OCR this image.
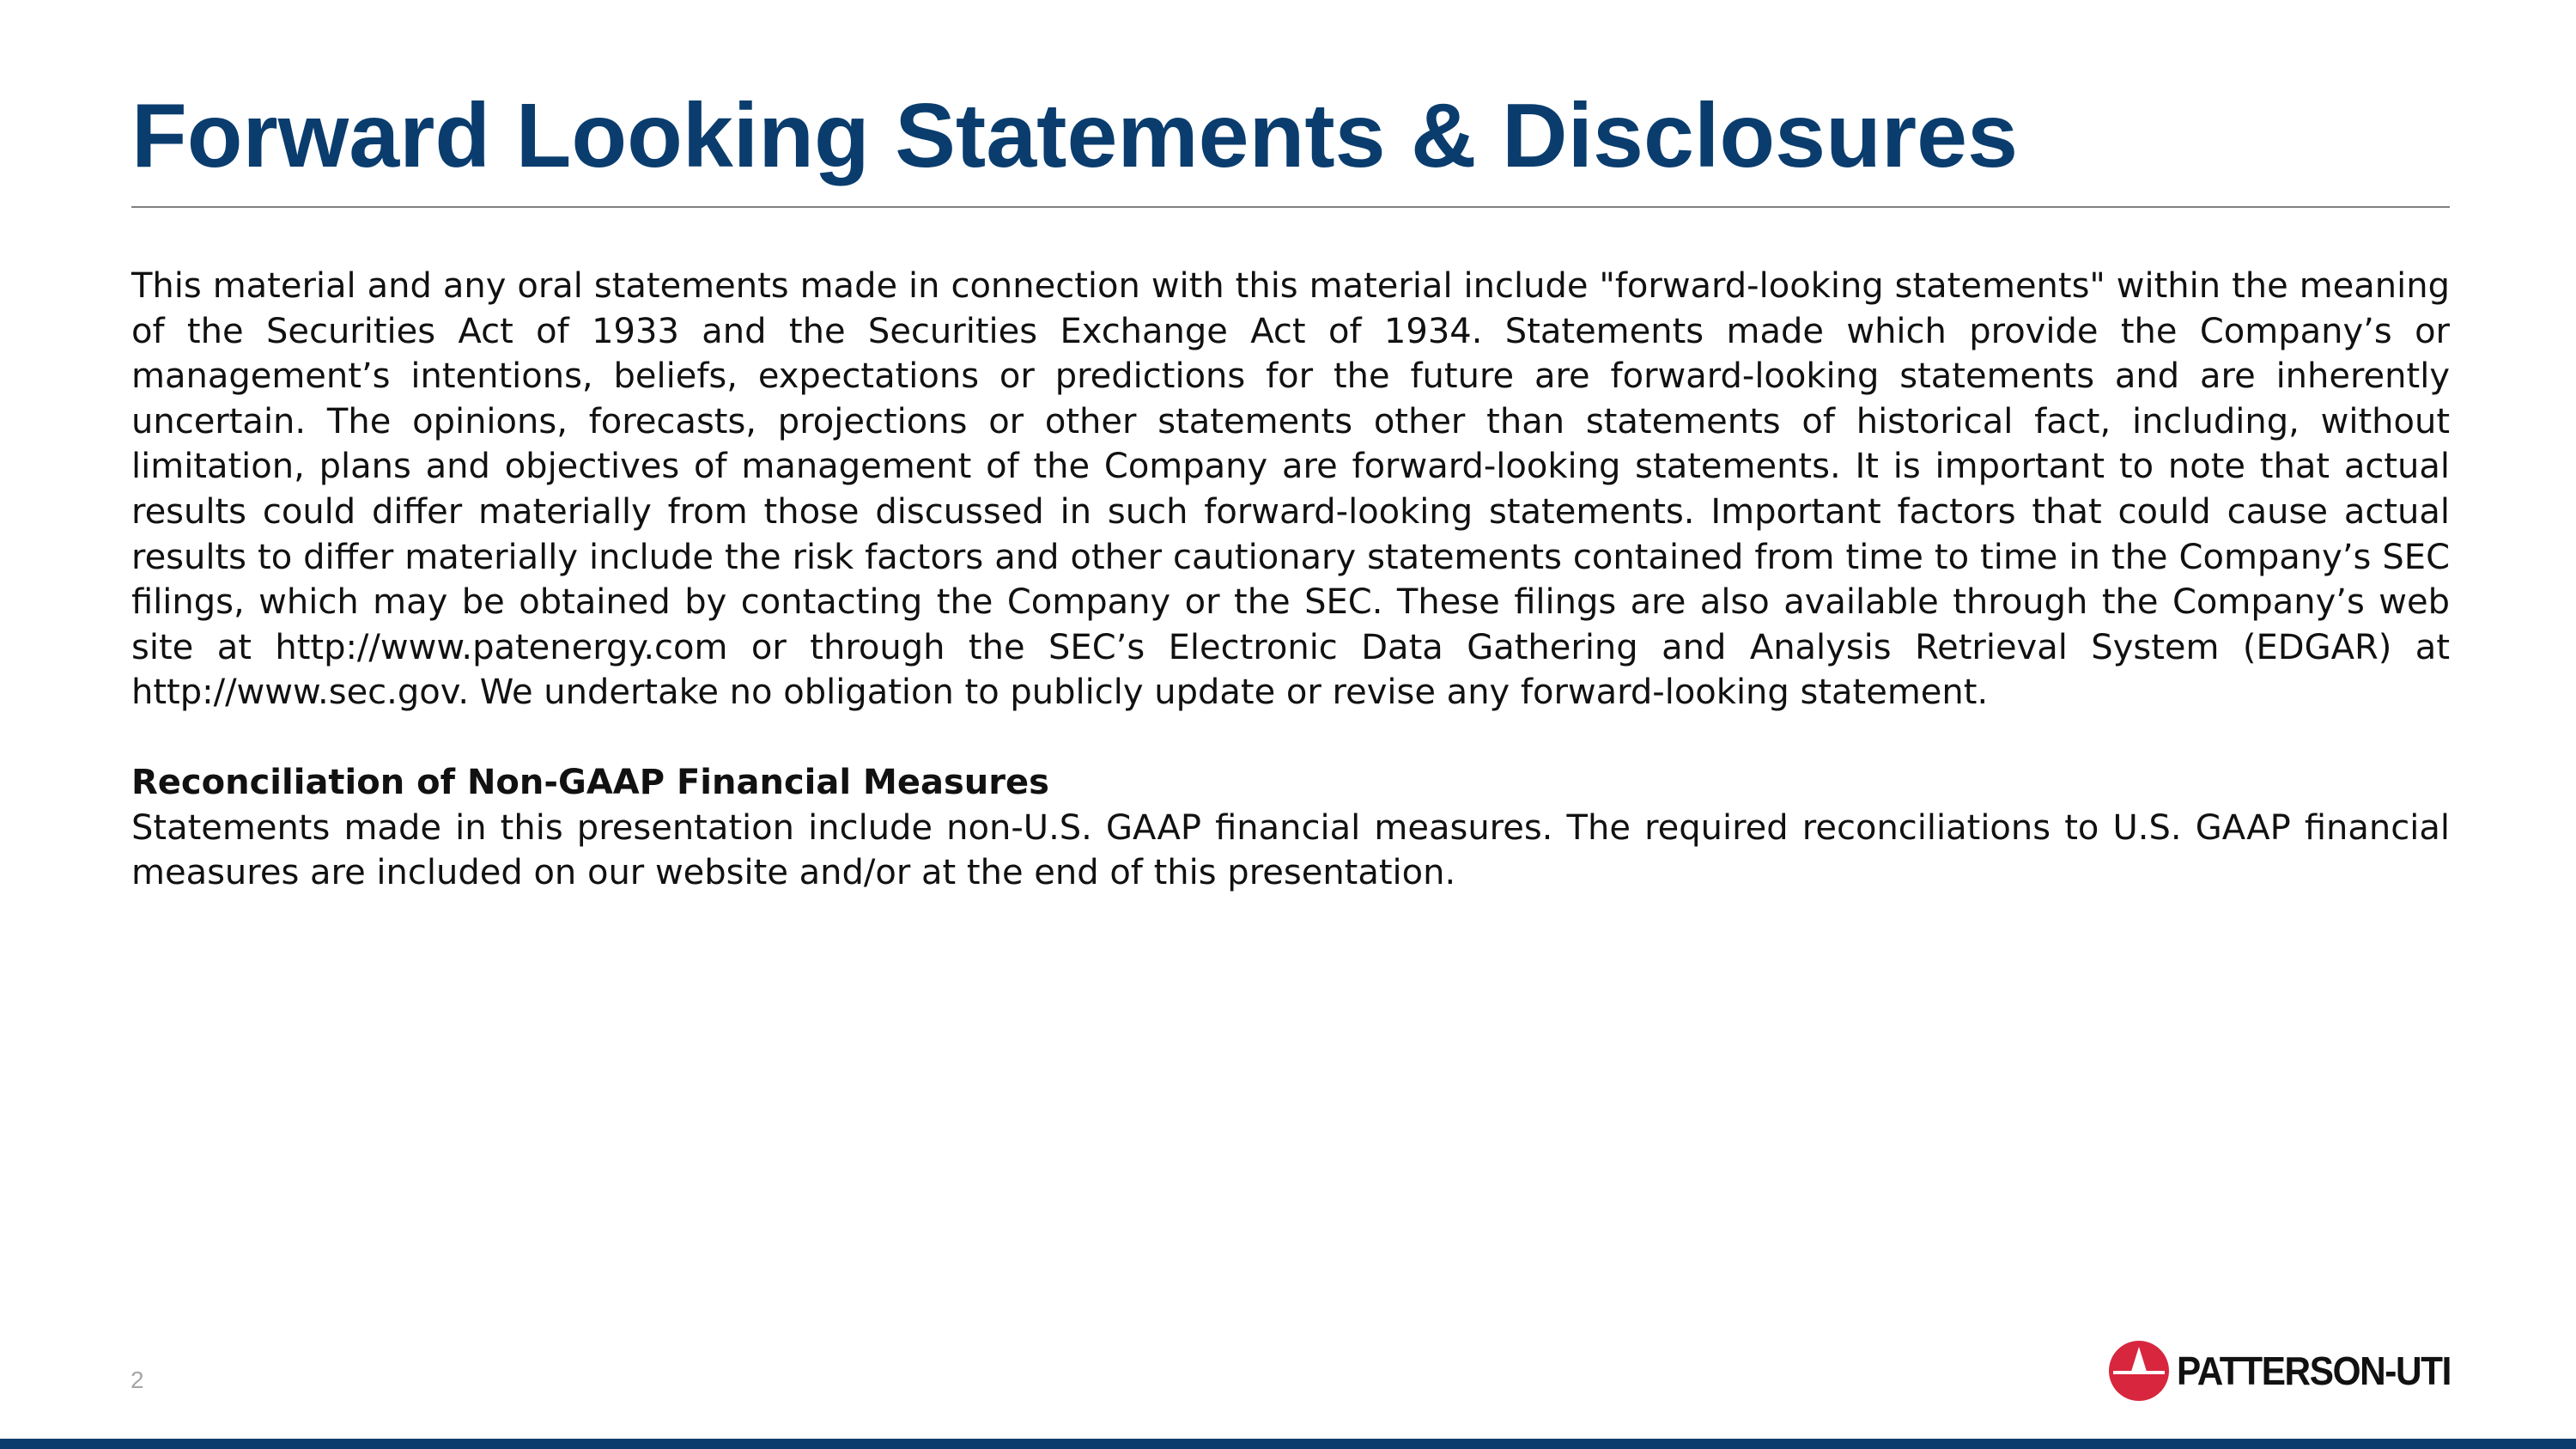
Forward Looking Statements & Disclosures

This material and any oral statements made in connection with this material include "forward-looking statements" within the meaning of the Securities Act of 1933 and the Securities Exchange Act of 1934. Statements made which provide the Company’s or management’s intentions, beliefs, expectations or predictions for the future are forward-looking statements and are inherently uncertain. The opinions, forecasts, projections or other statements other than statements of historical fact, including, without limitation, plans and objectives of management of the Company are forward-looking statements. It is important to note that actual results could differ materially from those discussed in such forward-looking statements. Important factors that could cause actual results to differ materially include the risk factors and other cautionary statements contained from time to time in the Company’s SEC filings, which may be obtained by contacting the Company or the SEC. These filings are also available through the Company’s web site at http://www.patenergy.com or through the SEC’s Electronic Data Gathering and Analysis Retrieval System (EDGAR) at http://www.sec.gov. We undertake no obligation to publicly update or revise any forward-looking statement.

Reconciliation of Non-GAAP Financial Measures

Statements made in this presentation include non-U.S. GAAP financial measures. The required reconciliations to U.S. GAAP financial measures are included on our website and/or at the end of this presentation.

2	PATTERSON-UTI
